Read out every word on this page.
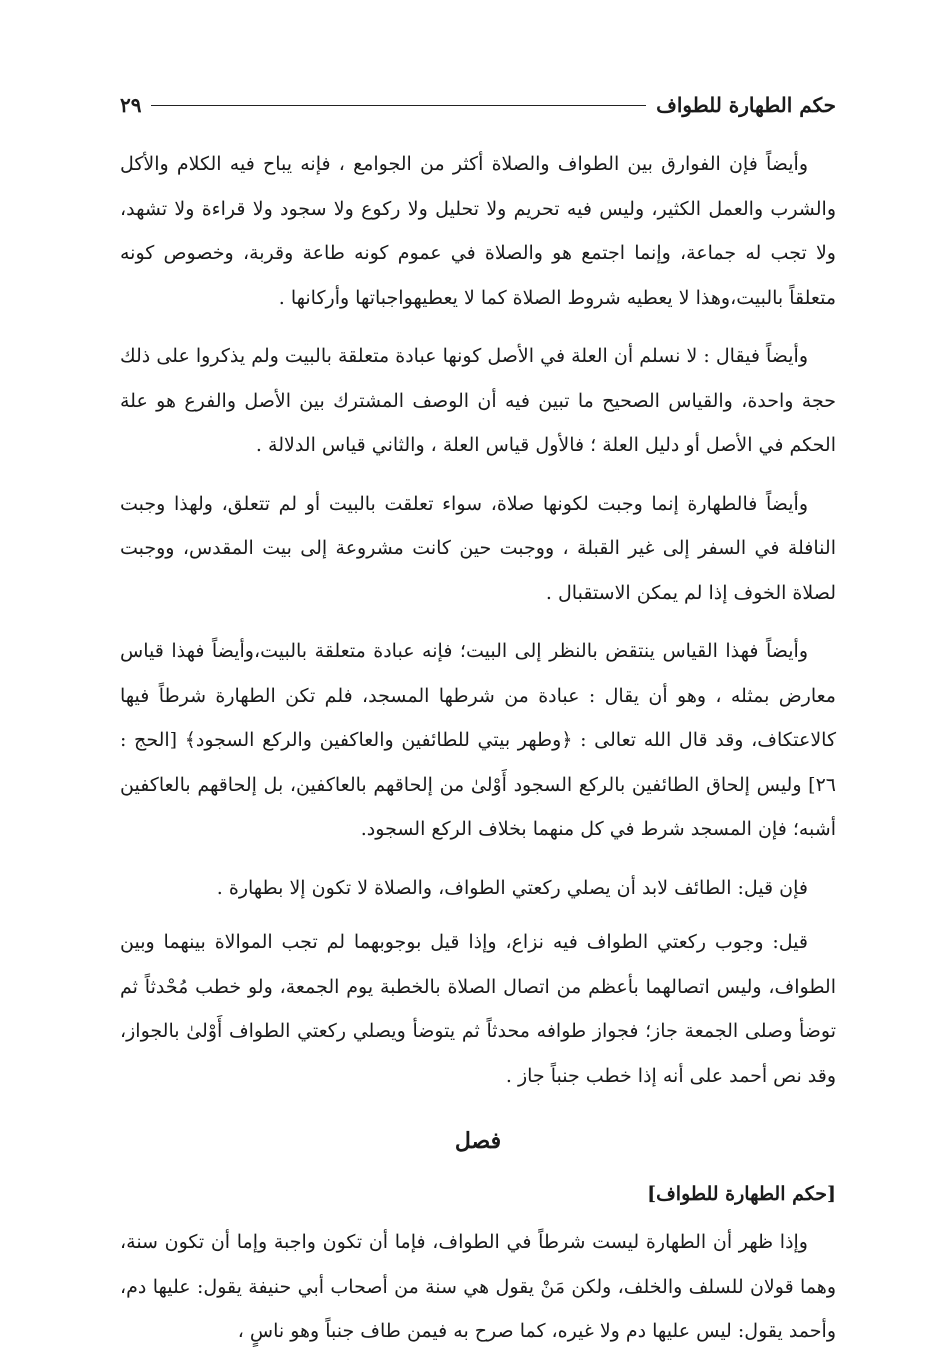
حكم الطهارة للطواف
٢٩

وأيضاً فإن الفوارق بين الطواف والصلاة أكثر من الجوامع ، فإنه يباح فيه الكلام والأكل والشرب والعمل الكثير، وليس فيه تحريم ولا تحليل ولا ركوع ولا سجود ولا قراءة ولا تشهد، ولا تجب له جماعة، وإنما اجتمع هو والصلاة في عموم كونه طاعة وقربة، وخصوص كونه متعلقاً بالبيت،وهذا لا يعطيه شروط الصلاة كما لا يعطيهواجباتها وأركانها .

وأيضاً فيقال : لا نسلم أن العلة في الأصل كونها عبادة متعلقة بالبيت ولم يذكروا على ذلك حجة واحدة، والقياس الصحيح ما تبين فيه أن الوصف المشترك بين الأصل والفرع هو علة الحكم في الأصل أو دليل العلة ؛ فالأول قياس العلة ، والثاني قياس الدلالة .

وأيضاً فالطهارة إنما وجبت لكونها صلاة، سواء تعلقت بالبيت أو لم تتعلق، ولهذا وجبت النافلة في السفر إلى غير القبلة ، ووجبت حين كانت مشروعة إلى بيت المقدس، ووجبت لصلاة الخوف إذا لم يمكن الاستقبال .

وأيضاً فهذا القياس ينتقض بالنظر إلى البيت؛ فإنه عبادة متعلقة بالبيت،وأيضاً فهذا قياس معارض بمثله ، وهو أن يقال : عبادة من شرطها المسجد، فلم تكن الطهارة شرطاً فيها كالاعتكاف، وقد قال الله تعالى : ﴿وطهر بيتي للطائفين والعاكفين والركع السجود﴾ [الحج : ٢٦] وليس إلحاق الطائفين بالركع السجود أَوْلىٰ من إلحاقهم بالعاكفين، بل إلحاقهم بالعاكفين أشبه؛ فإن المسجد شرط في كل منهما بخلاف الركع السجود.

فإن قيل: الطائف لابد أن يصلي ركعتي الطواف، والصلاة لا تكون إلا بطهارة .

قيل: وجوب ركعتي الطواف فيه نزاع، وإذا قيل بوجوبهما لم تجب الموالاة بينهما وبين الطواف، وليس اتصالهما بأعظم من اتصال الصلاة بالخطبة يوم الجمعة، ولو خطب مُحْدثاً ثم توضأ وصلى الجمعة جاز؛ فجواز طوافه محدثاً ثم يتوضأ ويصلي ركعتي الطواف أَوْلىٰ بالجواز، وقد نص أحمد على أنه إذا خطب جنباً جاز .

فصل
[حكم الطهارة للطواف]

وإذا ظهر أن الطهارة ليست شرطاً في الطواف، فإما أن تكون واجبة وإما أن تكون سنة، وهما قولان للسلف والخلف، ولكن مَنْ يقول هي سنة من أصحاب أبي حنيفة يقول: عليها دم، وأحمد يقول: ليس عليها دم ولا غيره، كما صرح به فيمن طاف جنباً وهو ناسٍ ،
